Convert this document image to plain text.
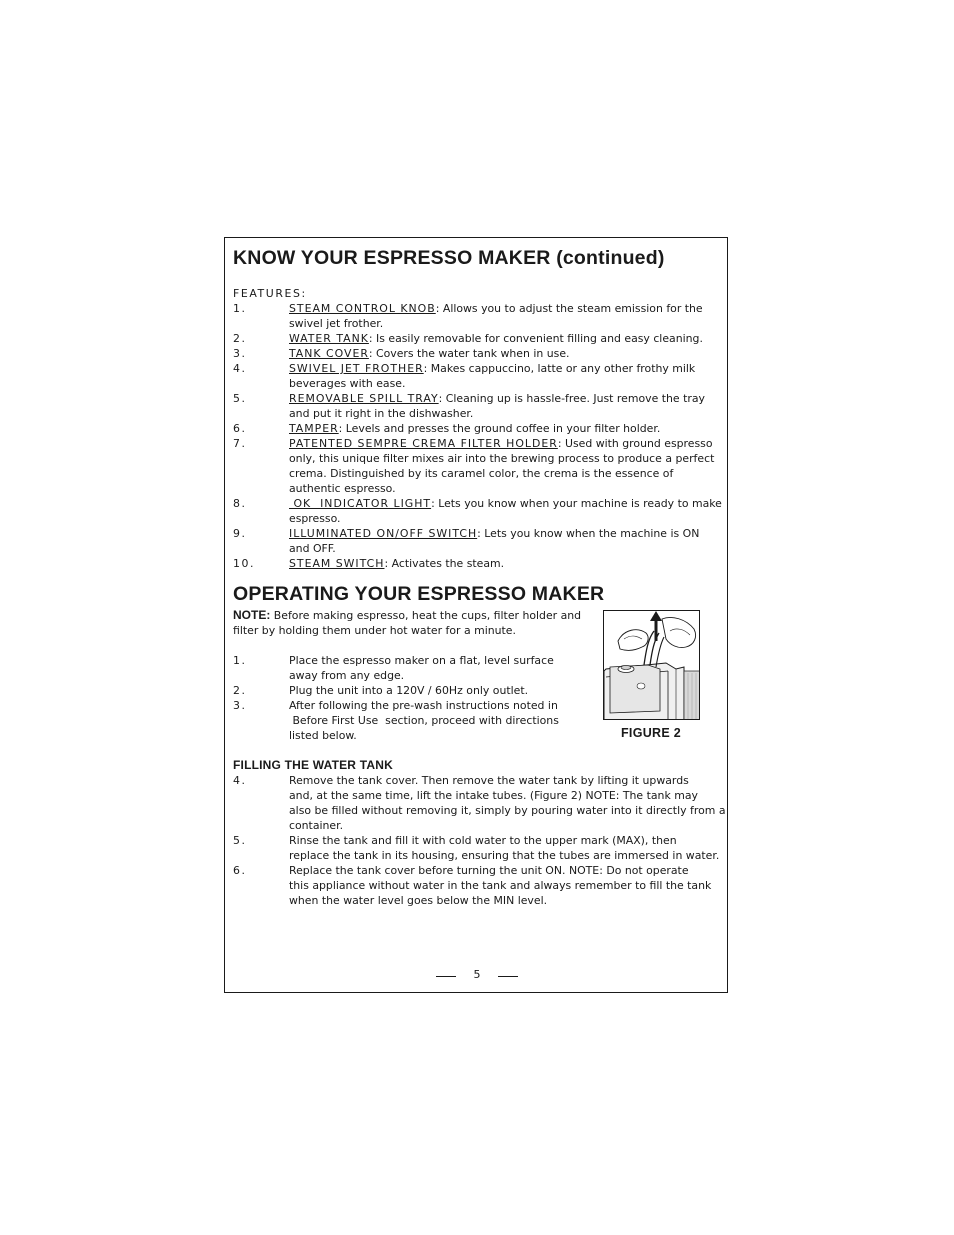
KNOW YOUR ESPRESSO MAKER (continued)
FEATURES:
1.	STEAM CONTROL KNOB: Allows you to adjust the steam emission for the
swivel jet frother.
2.	WATER TANK: Is easily removable for convenient filling and easy cleaning.
3.	TANK COVER: Covers the water tank when in use.
4.	SWIVEL JET FROTHER: Makes cappuccino, latte or any other frothy milk
beverages with ease.
5.	REMOVABLE SPILL TRAY: Cleaning up is hassle-free. Just remove the tray
and put it right in the dishwasher.
6.	TAMPER: Levels and presses the ground coffee in your filter holder.
7.	PATENTED SEMPRE CREMA FILTER HOLDER: Used with ground espresso
only, this unique filter mixes air into the brewing process to produce a perfect
crema. Distinguished by its caramel color, the crema is the essence of
authentic espresso.
8.	OK  INDICATOR LIGHT: Lets you know when your machine is ready to make
espresso.
9.	ILLUMINATED ON/OFF SWITCH: Lets you know when the machine is ON
and OFF.
10.	STEAM SWITCH: Activates the steam.
OPERATING YOUR ESPRESSO MAKER
NOTE: Before making espresso, heat the cups, filter holder and
filter by holding them under hot water for a minute.
1.	Place the espresso maker on a flat, level surface
away from any edge.
2.	Plug the unit into a 120V / 60Hz only outlet.
3.	After following the pre-wash instructions noted in
Before First Use  section, proceed with directions
listed below.	FIGURE 2
FILLING THE WATER TANK
4.	Remove the tank cover. Then remove the water tank by lifting it upwards
and, at the same time, lift the intake tubes. (Figure 2) NOTE: The tank may
also be filled without removing it, simply by pouring water into it directly from a
container.
5.	Rinse the tank and fill it with cold water to the upper mark (MAX), then
replace the tank in its housing, ensuring that the tubes are immersed in water.
6.	Replace the tank cover before turning the unit ON. NOTE: Do not operate
this appliance without water in the tank and always remember to fill the tank
when the water level goes below the MIN level.
5
